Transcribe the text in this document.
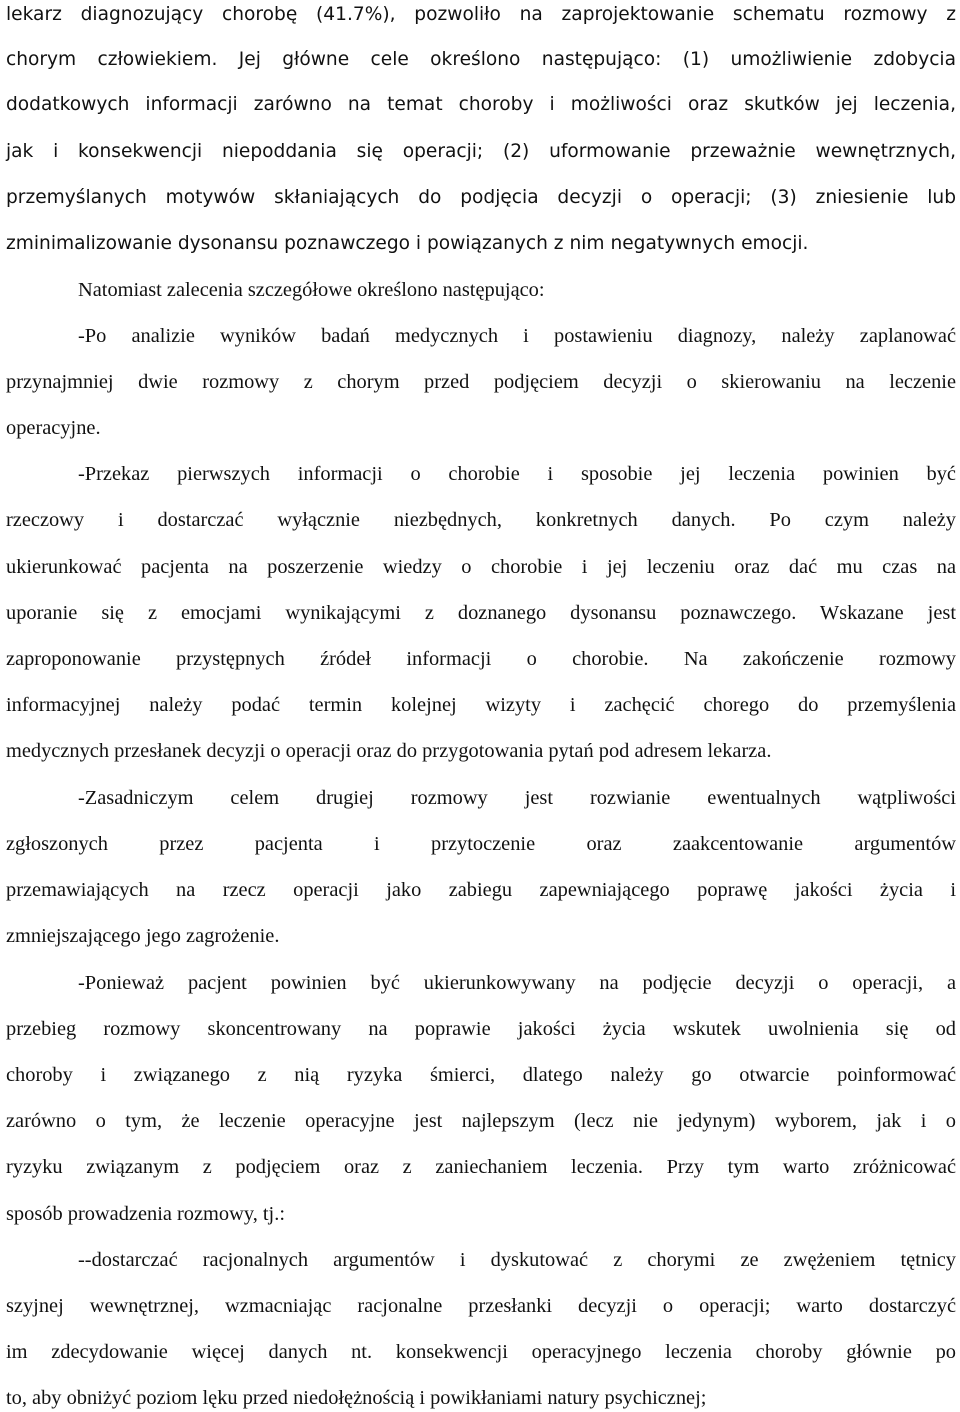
lekarz diagnozujący chorobę (41.7%), pozwoliło na zaprojektowanie schematu rozmowy z
chorym człowiekiem. Jej główne cele określono następująco: (1) umożliwienie zdobycia
dodatkowych informacji zarówno na temat choroby i możliwości oraz skutków jej leczenia,
jak i konsekwencji niepoddania się operacji; (2) uformowanie przeważnie wewnętrznych,
przemyślanych motywów skłaniających do podjęcia decyzji o operacji; (3) zniesienie lub
zminimalizowanie dysonansu poznawczego i powiązanych z nim negatywnych emocji.
Natomiast zalecenia szczegółowe określono następująco:
-Po analizie wyników badań medycznych i postawieniu diagnozy, należy zaplanować
przynajmniej dwie rozmowy z chorym przed podjęciem decyzji o skierowaniu na leczenie
operacyjne.
-Przekaz pierwszych informacji o chorobie i sposobie jej leczenia powinien być
rzeczowy i dostarczać wyłącznie niezbędnych, konkretnych danych. Po czym należy
ukierunkować pacjenta na poszerzenie wiedzy o chorobie i jej leczeniu oraz dać mu czas na
uporanie się z emocjami wynikającymi z doznanego dysonansu poznawczego. Wskazane jest
zaproponowanie przystępnych źródeł informacji o chorobie. Na zakończenie rozmowy
informacyjnej należy podać termin kolejnej wizyty i zachęcić chorego do przemyślenia
medycznych przesłanek decyzji o operacji oraz do przygotowania pytań pod adresem lekarza.
-Zasadniczym celem drugiej rozmowy jest rozwianie ewentualnych wątpliwości
zgłoszonych przez pacjenta i przytoczenie oraz zaakcentowanie argumentów
przemawiających na rzecz operacji jako zabiegu zapewniającego poprawę jakości życia i
zmniejszającego jego zagrożenie.
-Ponieważ pacjent powinien być ukierunkowywany na podjęcie decyzji o operacji, a
przebieg rozmowy skoncentrowany na poprawie jakości życia wskutek uwolnienia się od
choroby i związanego z nią ryzyka śmierci, dlatego należy go otwarcie poinformować
zarówno o tym, że leczenie operacyjne jest najlepszym (lecz nie jedynym) wyborem, jak i o
ryzyku związanym z podjęciem oraz z zaniechaniem leczenia. Przy tym warto zróżnicować
sposób prowadzenia rozmowy, tj.:
--dostarczać racjonalnych argumentów i dyskutować z chorymi ze zwężeniem tętnicy
szyjnej wewnętrznej, wzmacniając racjonalne przesłanki decyzji o operacji; warto dostarczyć
im zdecydowanie więcej danych nt. konsekwencji operacyjnego leczenia choroby głównie po
to, aby obniżyć poziom lęku przed niedołężnością i powikłaniami natury psychicznej;
